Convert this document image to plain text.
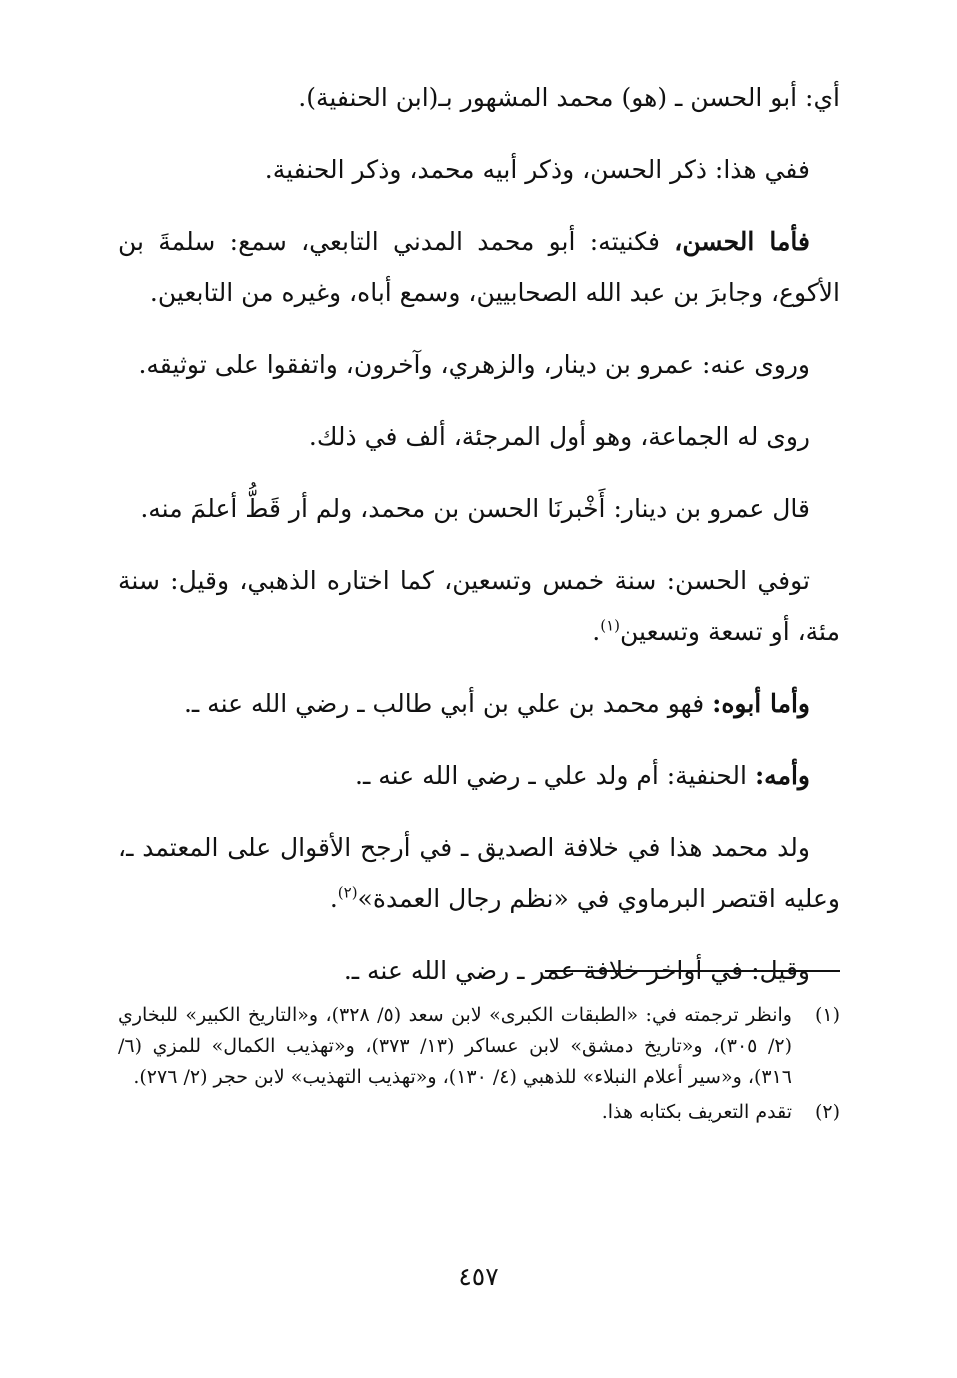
أي: أبو الحسن ـ (هو) محمد المشهور بـ(ابن الحنفية).

ففي هذا: ذكر الحسن، وذكر أبيه محمد، وذكر الحنفية.

فأما الحسن، فكنيته: أبو محمد المدني التابعي، سمع: سلمةَ بن الأكوع، وجابرَ بن عبد الله الصحابيين، وسمع أباه، وغيره من التابعين.

وروى عنه: عمرو بن دينار، والزهري، وآخرون، واتفقوا على توثيقه.

روى له الجماعة، وهو أول المرجئة، ألف في ذلك.

قال عمرو بن دينار: أَخْبرنَا الحسن بن محمد، ولم أر قَطُّ أعلمَ منه.

توفي الحسن: سنة خمس وتسعين، كما اختاره الذهبي، وقيل: سنة مئة، أو تسعة وتسعين$^{(١)}$.

وأما أبوه: فهو محمد بن علي بن أبي طالب ـ رضي الله عنه ـ.

وأمه: الحنفية: أم ولد علي ـ رضي الله عنه ـ.

ولد محمد هذا في خلافة الصديق ـ في أرجح الأقوال على المعتمد ـ، وعليه اقتصر البرماوي في «نظم رجال العمدة»$^{(٢)}$.

وقيل: في أواخر خلافة عمر ـ رضي الله عنه ـ.

(١)
وانظر ترجمته في: «الطبقات الكبرى» لابن سعد (٥/ ٣٢٨)، و«التاريخ الكبير» للبخاري (٢/ ٣٠٥)، و«تاريخ دمشق» لابن عساكر (١٣/ ٣٧٣)، و«تهذيب الكمال» للمزي (٦/ ٣١٦)، و«سير أعلام النبلاء» للذهبي (٤/ ١٣٠)، و«تهذيب التهذيب» لابن حجر (٢/ ٢٧٦).
(٢)
تقدم التعريف بكتابه هذا.
٤٥٧
